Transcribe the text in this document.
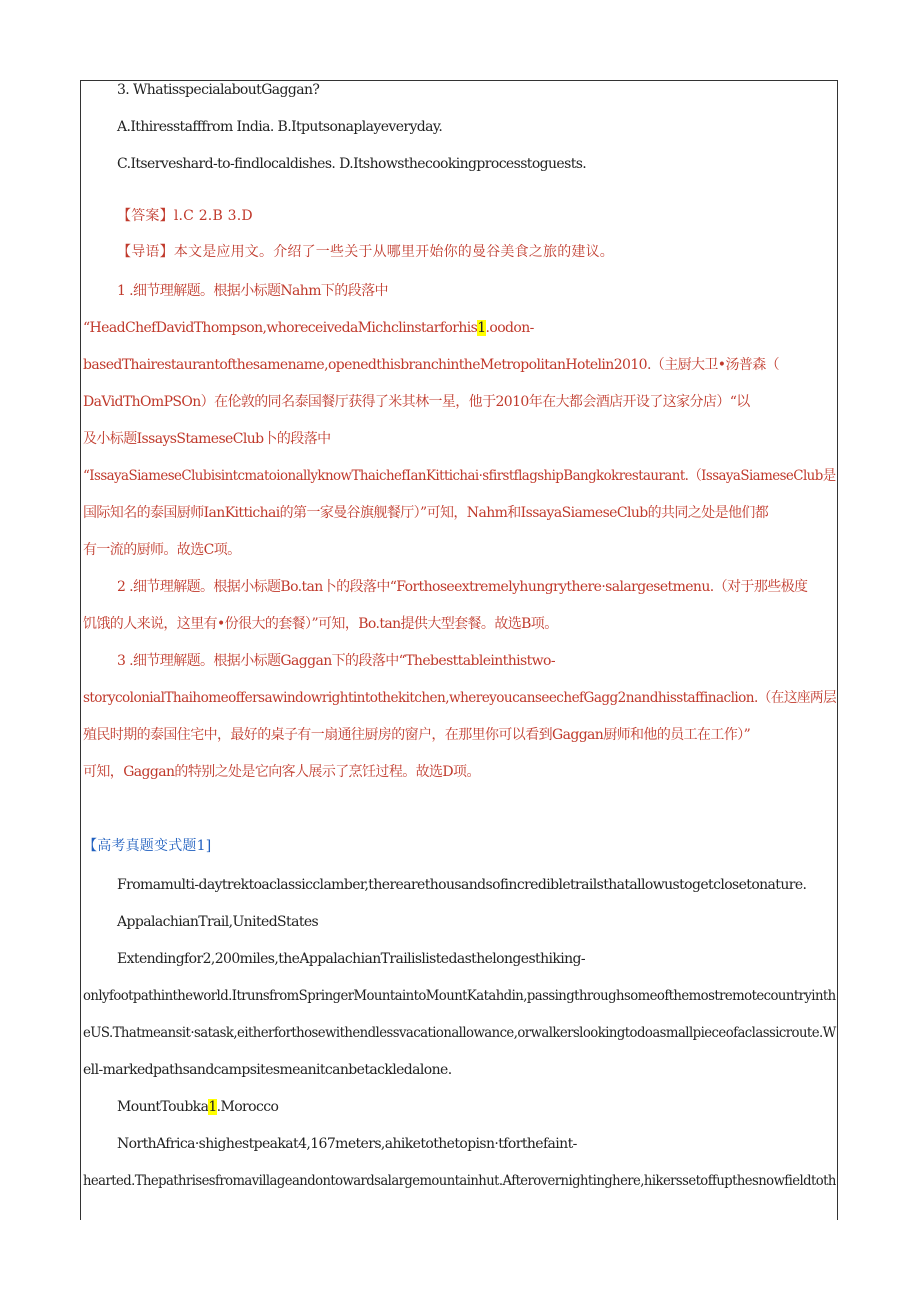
3. WhatisspecialaboutGaggan?
A.Ithiresstafffrom India. B.Itputsonaplayeveryday.
C.Itserveshard-to-findlocaldishes. D.Itshowsthecookingprocesstoguests.
【答案】l.C 2.B 3.D
【导语】本文是应用文。介绍了一些关于从哪里开始你的曼谷美食之旅的建议。
1 .细节理解题。根据小标题Nahm下的段落中
“HeadChefDavidThompson,whoreceivedaMichclinstarforhis1.oodon-
basedThairestaurantofthesamename,openedthisbranchintheMetropolitanHotelin2010.（主厨大卫•汤普森（
DaVidThOmPSOn）在伦敦的同名泰国餐厅获得了米其林一星，他于2010年在大都会酒店开设了这家分店）“以
及小标题IssaysStameseClub卜的段落中
“IssayaSiameseClubisintcmatoionallyknowThaichefIanKittichai·sfirstflagshipBangkokrestaurant.（IssayaSiameseClub是
国际知名的泰国厨师IanKittichai的第一家曼谷旗舰餐厅）”可知，Nahm和IssayaSiameseClub的共同之处是他们都
有一流的厨师。故选C项。
2 .细节理解题。根据小标题Bo.tan卜的段落中“Forthoseextremelyhungrythere·salargesetmenu.（对于那些极度
饥饿的人来说，这里有•份很大的套餐）”可知，Bo.tan提供大型套餐。故选B项。
3 .细节理解题。根据小标题Gaggan下的段落中“Thebesttableinthistwo-
storycolonialThaihomeoffersawindowrightintothekitchen,whereyoucanseechefGagg2nandhisstaffinaclion.（在这座两层
殖民时期的泰国住宅中，最好的桌子有一扇通往厨房的窗户，在那里你可以看到Gaggan厨师和他的员工在工作）”
可知，Gaggan的特别之处是它向客人展示了烹饪过程。故选D项。
【高考真题变式题1]
Fromamulti-daytrektoaclassicclamber,therearethousandsofincredibletrailsthatallowustogetclosetonature.
AppalachianTrail,UnitedStates
Extendingfor2,200miles,theAppalachianTrailislistedasthelongesthiking-
onlyfootpathintheworld.ItrunsfromSpringerMountaintoMountKatahdin,passingthroughsomeofthemostremotecountryinth
eUS.Thatmeansit·satask,eitherforthosewithendlessvacationallowance,orwalkerslookingtodoasmallpieceofaclassicroute.W
ell-markedpathsandcampsitesmeanitcanbetackledalone.
MountToubka1.Morocco
NorthAfrica·shighestpeakat4,167meters,ahiketothetopisn·tforthefaint-
hearted.Thepathrisesfromavillageandontowardsalargemountainhut.Afterovernightinghere,hikerssetoffupthesnowfieldtoth
